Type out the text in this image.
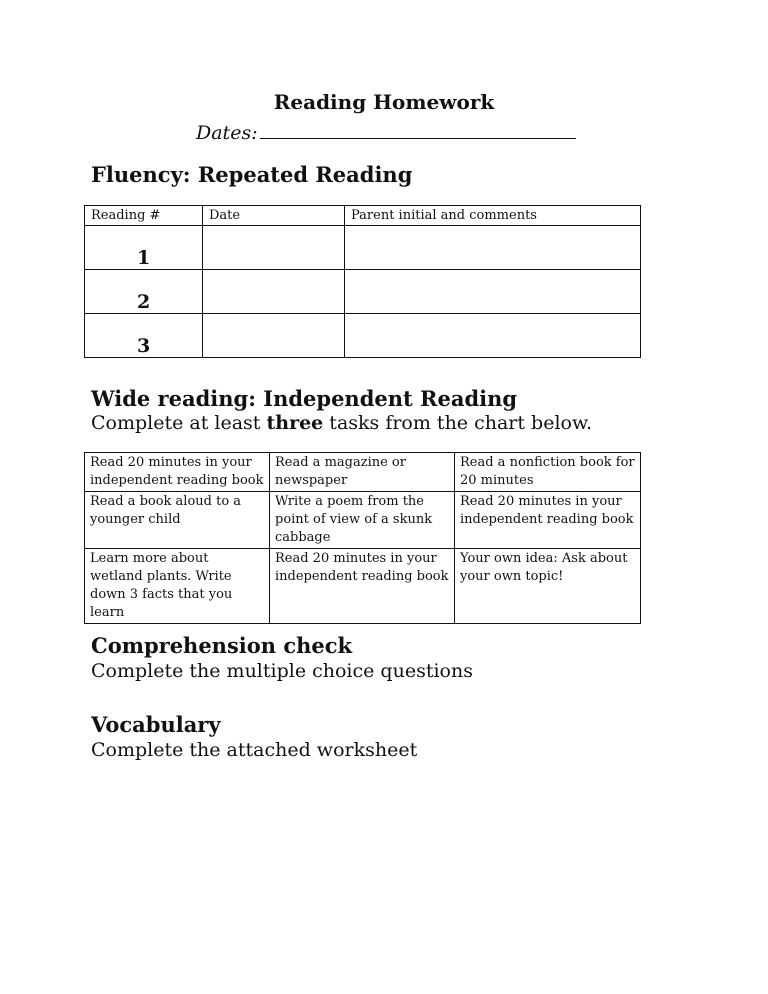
Reading Homework
Dates:
Fluency: Repeated Reading
Reading #	Date	Parent initial and comments
1		
2		
3		
Wide reading: Independent Reading
Complete at least three tasks from the chart below.
Read 20 minutes in your independent reading book	Read a magazine or newspaper	Read a nonfiction book for 20 minutes
Read a book aloud to a younger child	Write a poem from the point of view of a skunk cabbage	Read 20 minutes in your independent reading book
Learn more about wetland plants. Write down 3 facts that you learn	Read 20 minutes in your independent reading book	Your own idea: Ask about your own topic!
Comprehension check
Complete the multiple choice questions
Vocabulary
Complete the attached worksheet
